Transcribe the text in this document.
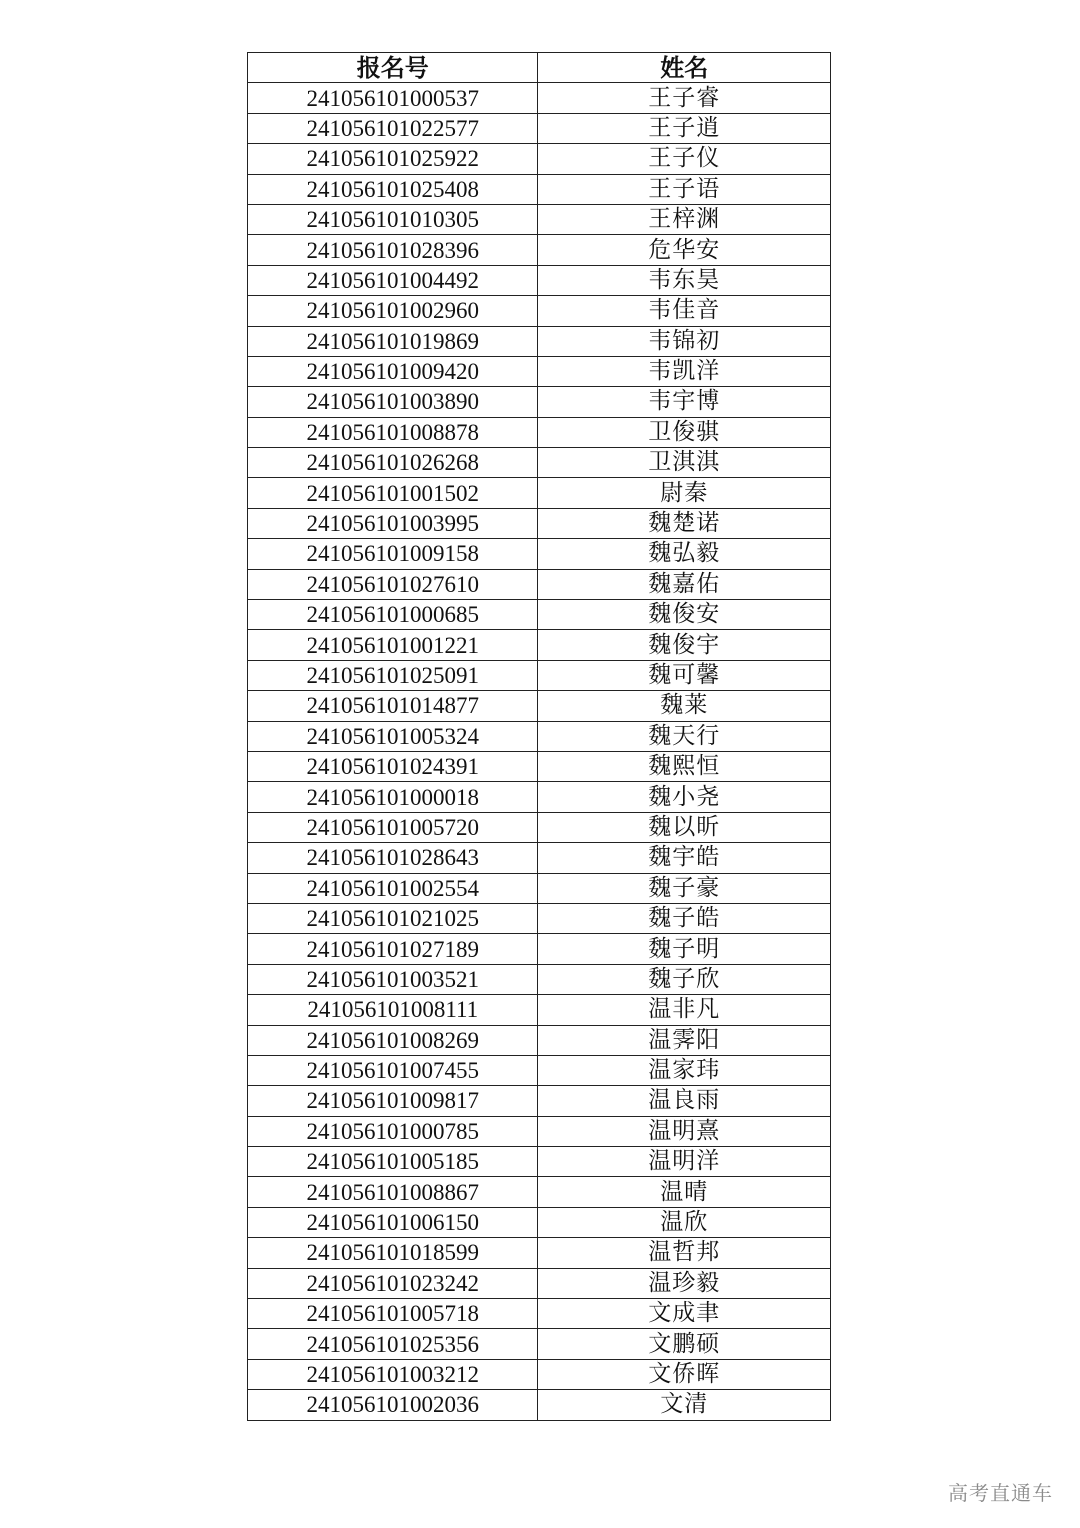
报名号	姓名
241056101000537	王子睿
241056101022577	王子逍
241056101025922	王子仪
241056101025408	王子语
241056101010305	王梓渊
241056101028396	危华安
241056101004492	韦东昊
241056101002960	韦佳音
241056101019869	韦锦初
241056101009420	韦凯洋
241056101003890	韦宇博
241056101008878	卫俊骐
241056101026268	卫淇淇
241056101001502	尉秦
241056101003995	魏楚诺
241056101009158	魏弘毅
241056101027610	魏嘉佑
241056101000685	魏俊安
241056101001221	魏俊宇
241056101025091	魏可馨
241056101014877	魏莱
241056101005324	魏天行
241056101024391	魏熙恒
241056101000018	魏小尧
241056101005720	魏以昕
241056101028643	魏宇皓
241056101002554	魏子豪
241056101021025	魏子皓
241056101027189	魏子明
241056101003521	魏子欣
241056101008111	温非凡
241056101008269	温霁阳
241056101007455	温家玮
241056101009817	温良雨
241056101000785	温明熹
241056101005185	温明洋
241056101008867	温晴
241056101006150	温欣
241056101018599	温哲邦
241056101023242	温珍毅
241056101005718	文成聿
241056101025356	文鹏硕
241056101003212	文侨晖
241056101002036	文清
高考直通车
